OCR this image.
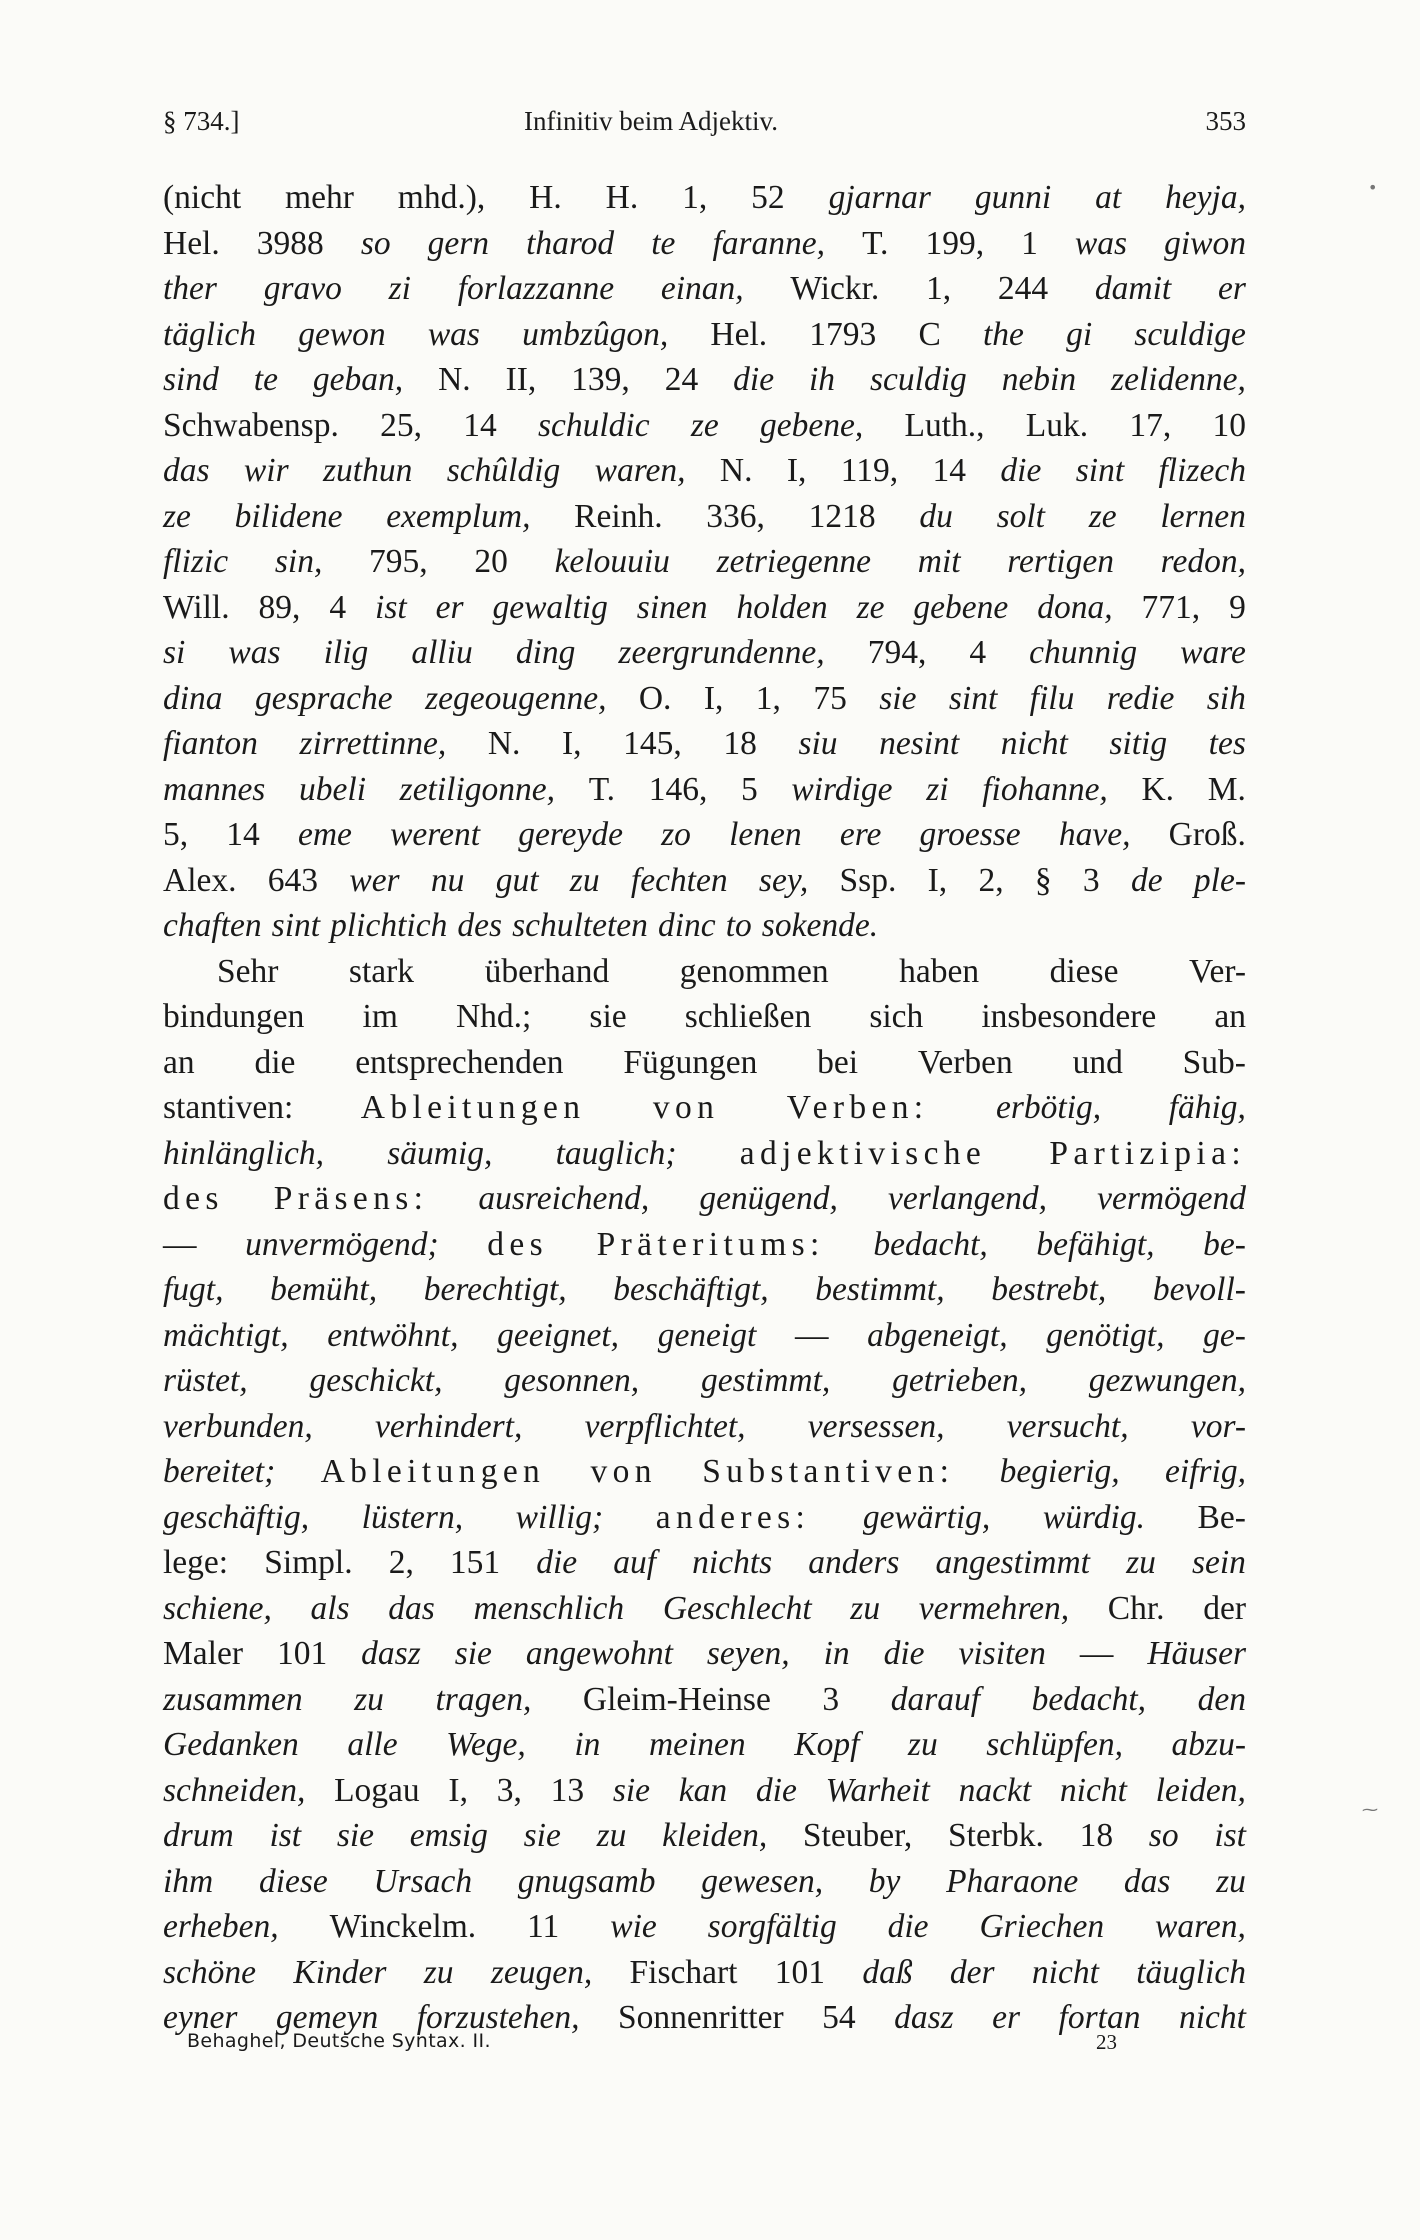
§ 734.]	Infinitiv beim Adjektiv.	353
(nicht mehr mhd.), H. H. 1, 52 gjarnar gunni at heyja,
Hel. 3988 so gern tharod te faranne, T. 199, 1 was giwon
ther gravo zi forlazzanne einan, Wickr. 1, 244 damit er
täglich gewon was umbzûgon, Hel. 1793 C the gi sculdige
sind te geban, N. II, 139, 24 die ih sculdig nebin zelidenne,
Schwabensp. 25, 14 schuldic ze gebene, Luth., Luk. 17, 10
das wir zuthun schûldig waren, N. I, 119, 14 die sint flizech
ze bilidene exemplum, Reinh. 336, 1218 du solt ze lernen
flizic sin, 795, 20 kelouuiu zetriegenne mit rertigen redon,
Will. 89, 4 ist er gewaltig sinen holden ze gebene dona, 771, 9
si was ilig alliu ding zeergrundenne, 794, 4 chunnig ware
dina gesprache zegeougenne, O. I, 1, 75 sie sint filu redie sih
fianton zirrettinne, N. I, 145, 18 siu nesint nicht sitig tes
mannes ubeli zetiligonne, T. 146, 5 wirdige zi fiohanne, K. M.
5, 14 eme werent gereyde zo lenen ere groesse have, Groß.
Alex. 643 wer nu gut zu fechten sey, Ssp. I, 2, § 3 de ple-
chaften sint plichtich des schulteten dinc to sokende.
Sehr stark überhand genommen haben diese Ver-
bindungen im Nhd.; sie schließen sich insbesondere an
an die entsprechenden Fügungen bei Verben und Sub-
stantiven: Ableitungen von Verben: erbötig, fähig,
hinlänglich, säumig, tauglich; adjektivische Partizipia:
des Präsens: ausreichend, genügend, verlangend, vermögend
— unvermögend; des Präteritums: bedacht, befähigt, be-
fugt, bemüht, berechtigt, beschäftigt, bestimmt, bestrebt, bevoll-
mächtigt, entwöhnt, geeignet, geneigt — abgeneigt, genötigt, ge-
rüstet, geschickt, gesonnen, gestimmt, getrieben, gezwungen,
verbunden, verhindert, verpflichtet, versessen, versucht, vor-
bereitet; Ableitungen von Substantiven: begierig, eifrig,
geschäftig, lüstern, willig; anderes: gewärtig, würdig. Be-
lege: Simpl. 2, 151 die auf nichts anders angestimmt zu sein
schiene, als das menschlich Geschlecht zu vermehren, Chr. der
Maler 101 dasz sie angewohnt seyen, in die visiten — Häuser
zusammen zu tragen, Gleim-Heinse 3 darauf bedacht, den
Gedanken alle Wege, in meinen Kopf zu schlüpfen, abzu-
schneiden, Logau I, 3, 13 sie kan die Warheit nackt nicht leiden,
drum ist sie emsig sie zu kleiden, Steuber, Sterbk. 18 so ist
ihm diese Ursach gnugsamb gewesen, by Pharaone das zu
erheben, Winckelm. 11 wie sorgfältig die Griechen waren,
schöne Kinder zu zeugen, Fischart 101 daß der nicht täuglich
eyner gemeyn forzustehen, Sonnenritter 54 dasz er fortan nicht
Behaghel, Deutsche Syntax. II.	23
•
⁓
